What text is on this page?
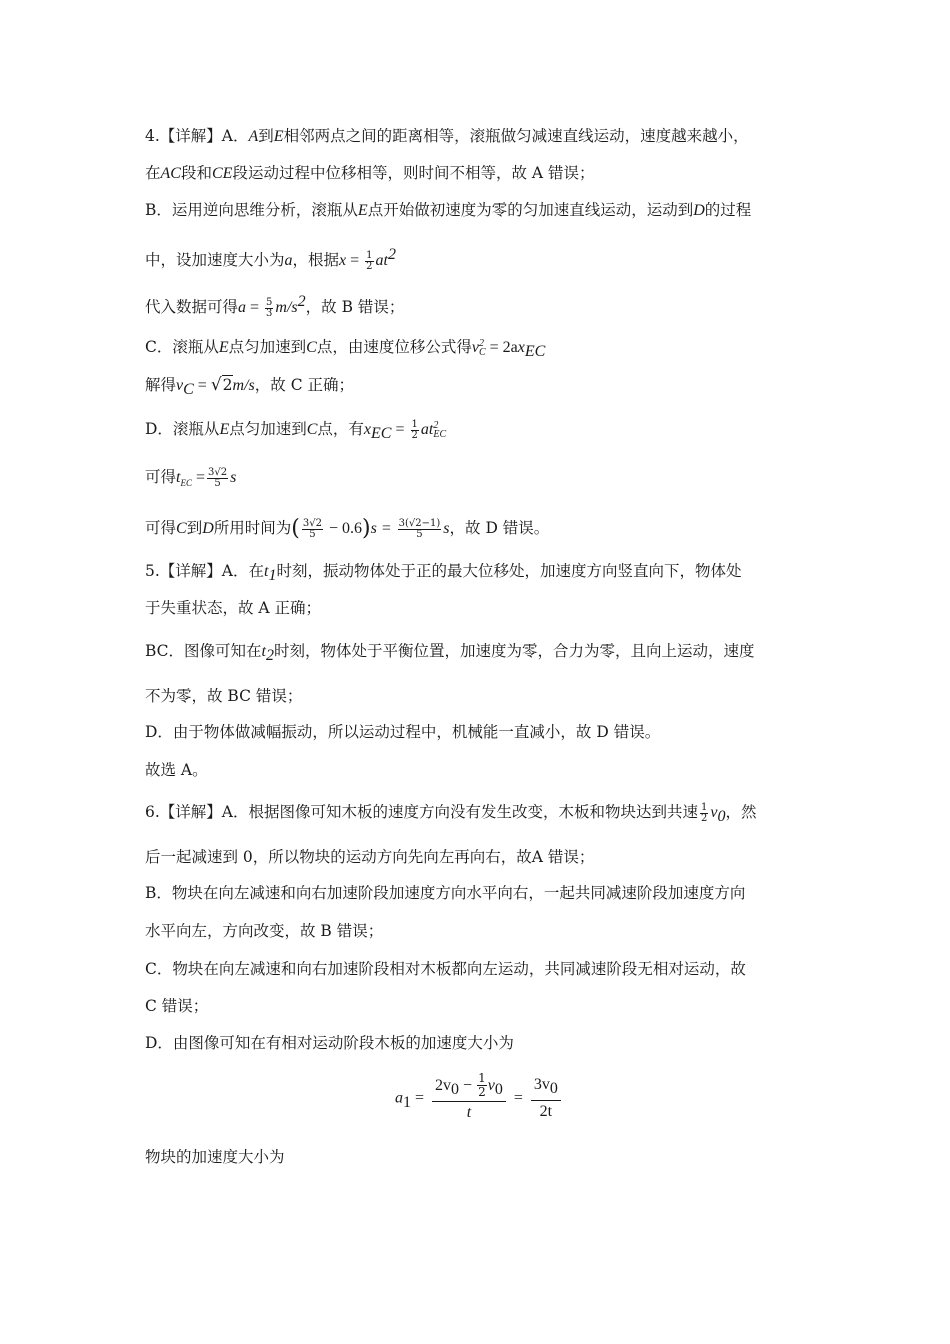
4.【详解】A．A到E相邻两点之间的距离相等，滚瓶做匀减速直线运动，速度越来越小，
在AC段和CE段运动过程中位移相等，则时间不相等，故 A 错误；
B．运用逆向思维分析，滚瓶从E点开始做初速度为零的匀加速直线运动，运动到D的过程
中，设加速度大小为a，根据$x = \frac{1}{2} at^2$
代入数据可得$a = \frac{5}{3} m/s^2$，故 B 错误；
C．滚瓶从E点匀加速到C点，由速度位移公式得v 2
$C = 2ax_{EC}$
解得$v_C = √2m/s$，故 C 正确；
D．滚瓶从E点匀加速到C点，有$x_{EC} = \frac{1}{2}$ at 2
EC
可得$t_{EC} = \frac{3√2}{5}$ s
可得C到D所用时间为( $\frac{3√2}{5} - 0.6)s = \frac{3(√2-1)}{5}$ s，故 D 错误。
5.【详解】A．在$t_1$时刻，振动物体处于正的最大位移处，加速度方向竖直向下，物体处
于失重状态，故 A 正确；
BC．图像可知在$t_2$时刻，物体处于平衡位置，加速度为零，合力为零，且向上运动，速度
不为零，故 BC 错误；
D．由于物体做减幅振动，所以运动过程中，机械能一直减小，故 D 错误。
故选 A。
6.【详解】A．根据图像可知木板的速度方向没有发生改变，木板和物块达到共速 $\frac{1}{2} v_0$，然
后一起减速到 0，所以物块的运动方向先向左再向右，故A 错误；
B．物块在向左减速和向右加速阶段加速度方向水平向右，一起共同减速阶段加速度方向
水平向左，方向改变，故 B 错误；
C．物块在向左减速和向右加速阶段相对木板都向左运动，共同减速阶段无相对运动，故
C 错误；
D．由图像可知在有相对运动阶段木板的加速度大小为
$a_1 = \frac{2v_0 - \frac{1}{2} v_0}{t} = \frac{3v_0}{2t}$
物块的加速度大小为
